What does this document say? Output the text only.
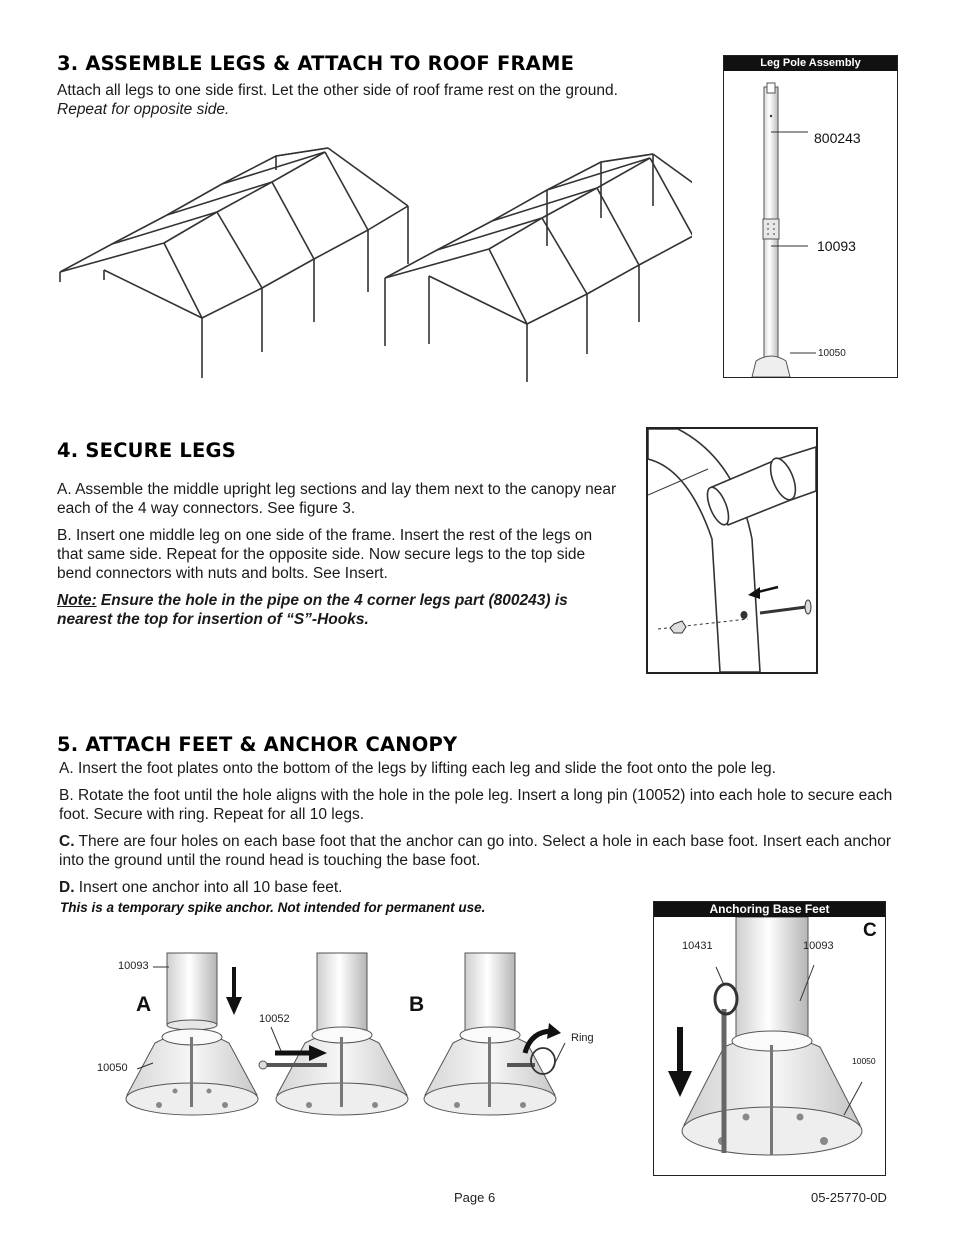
3. ASSEMBLE LEGS & ATTACH TO ROOF FRAME
Attach all legs to one side first. Let the other side of roof frame rest on the ground. Repeat for opposite side.
Leg Pole Assembly
800243
10093
10050
4. SECURE LEGS

A. Assemble the middle upright leg sections and lay them next to the canopy near each of the 4 way connectors. See figure 3.

B. Insert one middle leg on one side of the frame. Insert the rest of the legs on that same side. Repeat for the opposite side. Now secure legs to the top side bend connectors with nuts and bolts. See Insert.

Note: Ensure the hole in the pipe on the 4 corner legs part (800243) is nearest the top for insertion of “S”-Hooks.

5. ATTACH FEET & ANCHOR CANOPY

A. Insert the foot plates onto the bottom of the legs by lifting each leg and slide the foot onto the pole leg.

B. Rotate the foot until the hole aligns with the hole in the pole leg. Insert a long pin (10052) into each hole to secure each foot. Secure with ring. Repeat for all 10 legs.

C. There are four holes on each base foot that the anchor can go into. Select a hole in each base foot. Insert each anchor into the ground until the round head is touching the base foot.

D. Insert one anchor into all 10 base feet.

This is a temporary spike anchor. Not intended for permanent use.
10093
A
10052
10050
B
Ring
Anchoring Base Feet
C
10431	10093
10050
Page 6	05-25770-0D
